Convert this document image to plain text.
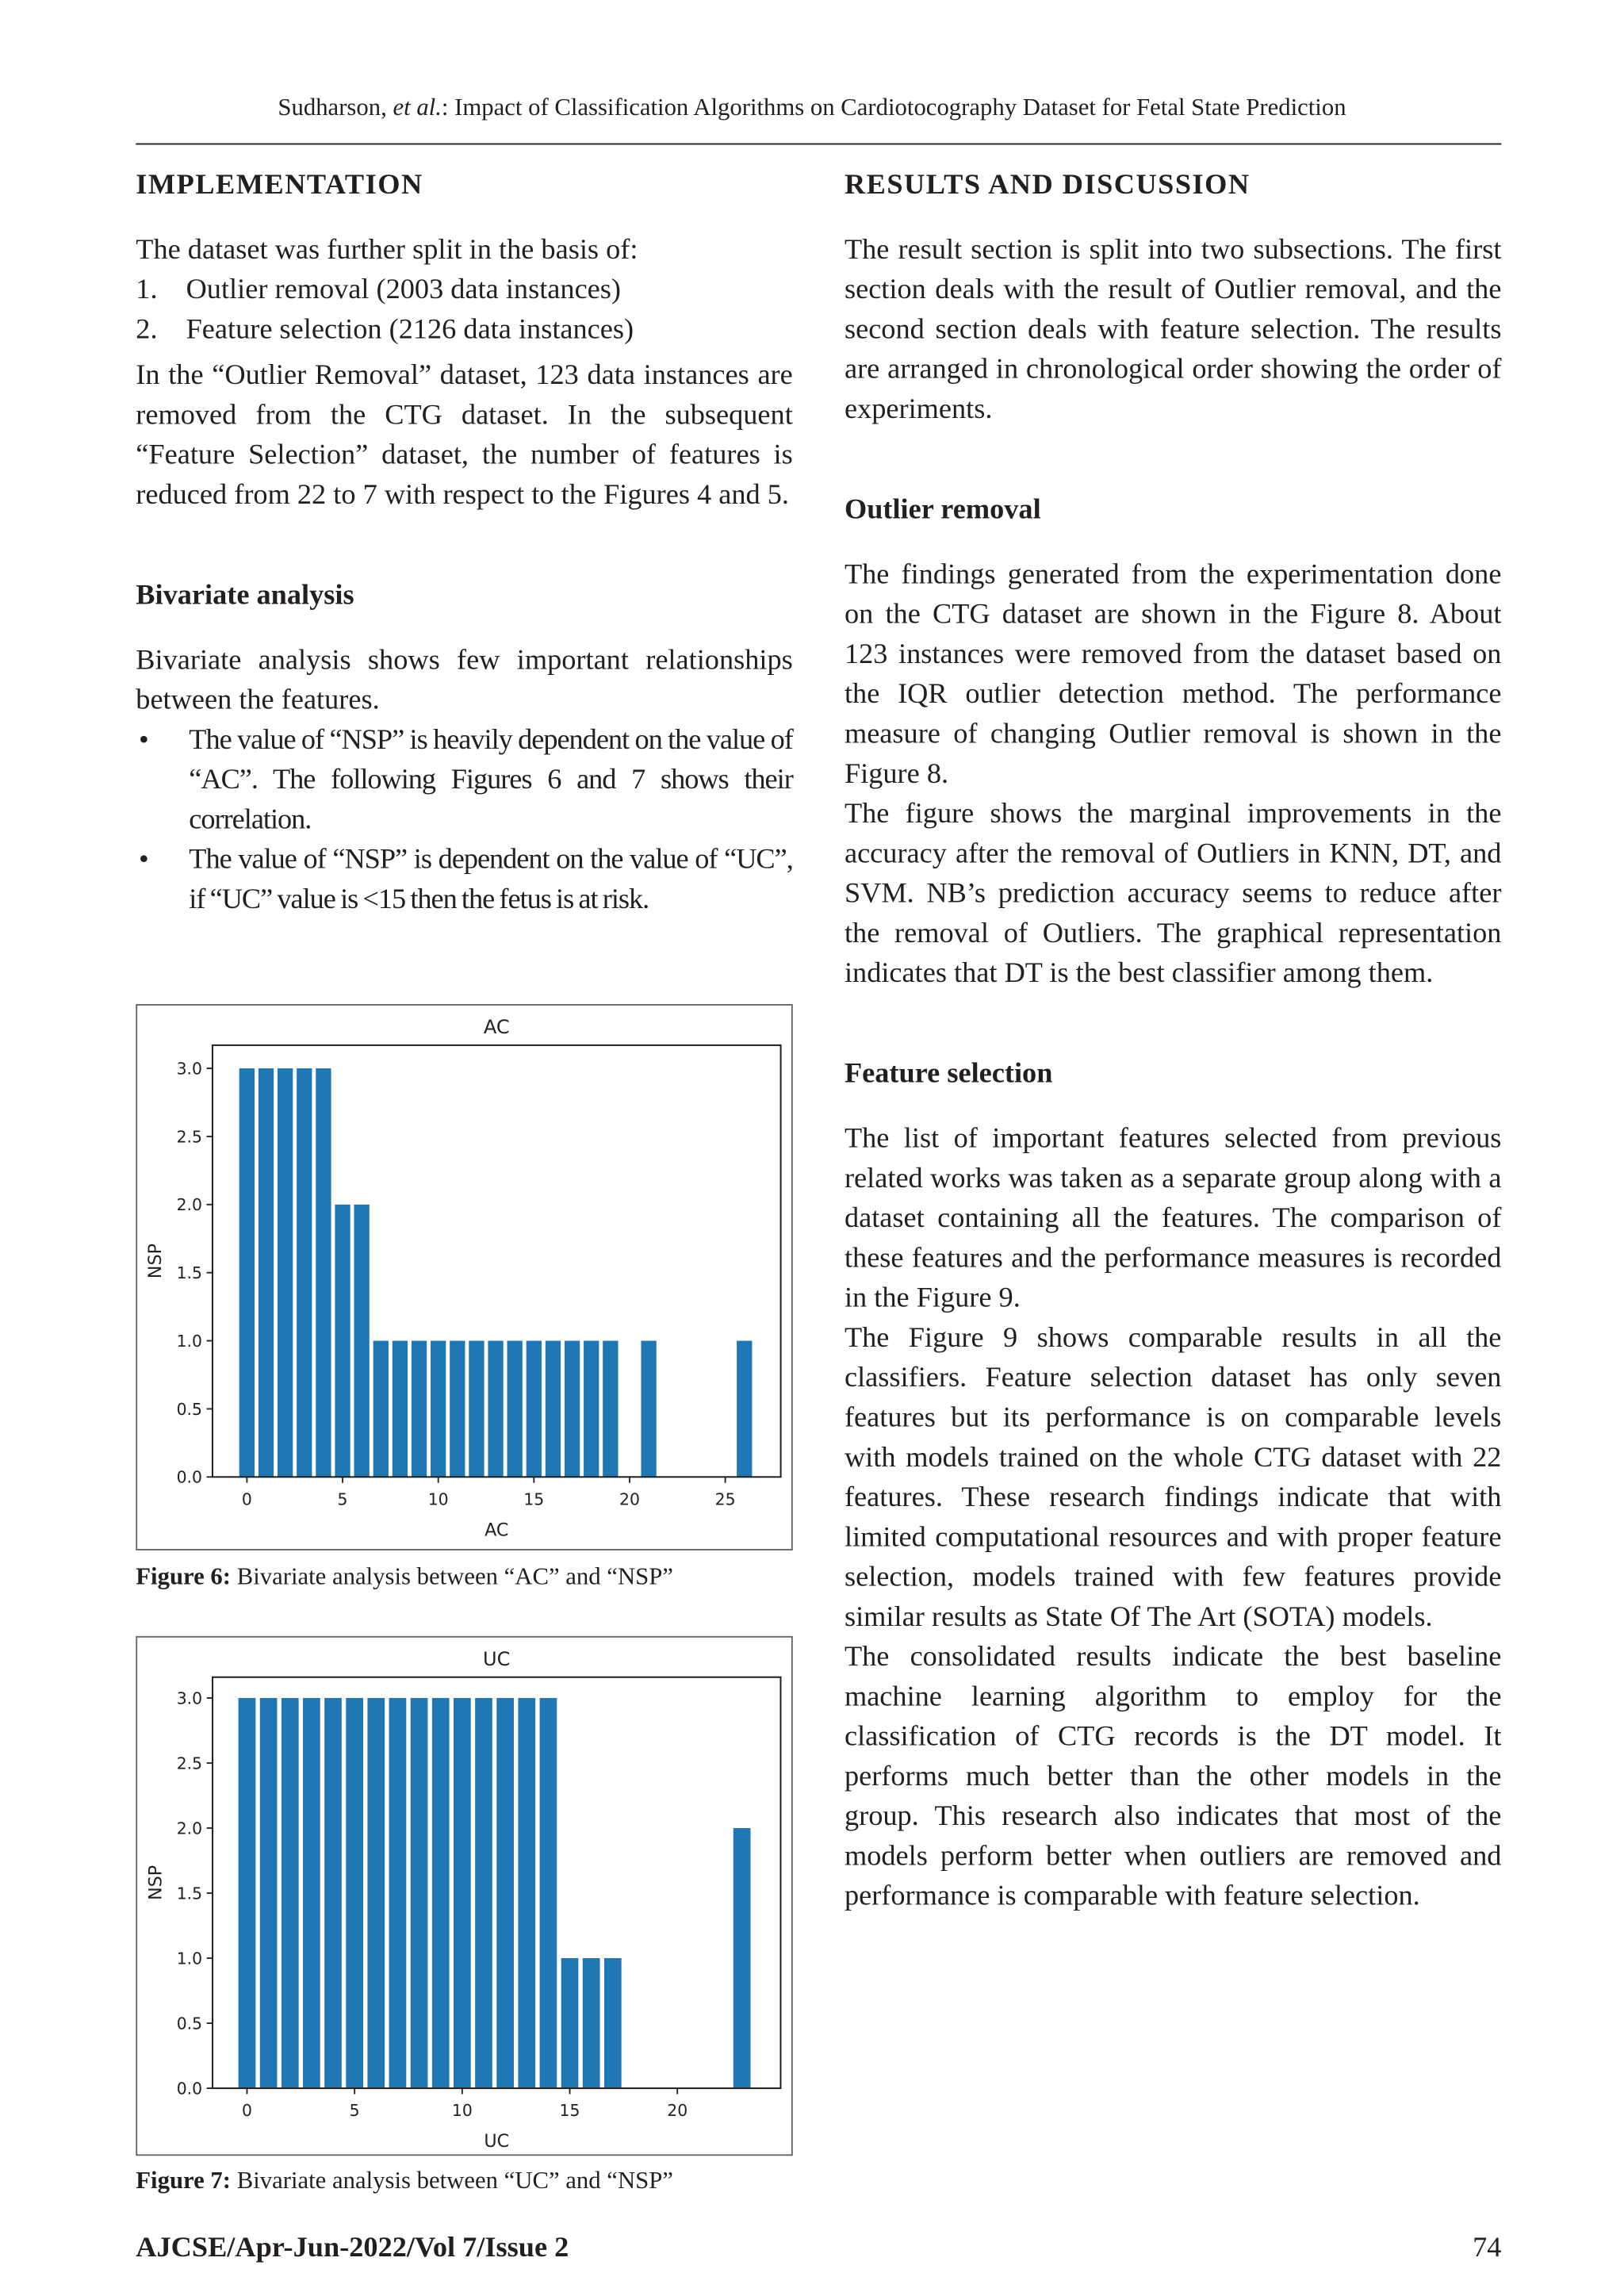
Sudharson, et al.: Impact of Classification Algorithms on Cardiotocography Dataset for Fetal State Prediction
IMPLEMENTATION

The dataset was further split in the basis of:

1.	Outlier removal (2003 data instances)
2.	Feature selection (2126 data instances)

In the “Outlier Removal” dataset, 123 data instances are removed from the CTG dataset. In the subsequent “Feature Selection” dataset, the number of features is reduced from 22 to 7 with respect to the Figures 4 and 5.

Bivariate analysis

Bivariate analysis shows few important relationships between the features.

•	The value of “NSP” is heavily dependent on the value of “AC”. The following Figures 6 and 7 shows their correlation.
•	The value of “NSP” is dependent on the value of “UC”, if “UC” value is <15 then the fetus is at risk.
0.0
0.5
1.0
1.5
2.0
2.5
3.0
0	5	10	15	20	25
AC
AC
NSP
Figure 6: Bivariate analysis between “AC” and “NSP”
0.0
0.5
1.0
1.5
2.0
2.5
3.0
0	5	10	15	20
UC
UC
NSP
Figure 7: Bivariate analysis between “UC” and “NSP”
RESULTS AND DISCUSSION

The result section is split into two subsections. The first section deals with the result of Outlier removal, and the second section deals with feature selection. The results are arranged in chronological order showing the order of experiments.

Outlier removal

The findings generated from the experimentation done on the CTG dataset are shown in the Figure 8. About 123 instances were removed from the dataset based on the IQR outlier detection method. The performance measure of changing Outlier removal is shown in the Figure 8.

The figure shows the marginal improvements in the accuracy after the removal of Outliers in KNN, DT, and SVM. NB’s prediction accuracy seems to reduce after the removal of Outliers. The graphical representation indicates that DT is the best classifier among them.

Feature selection

The list of important features selected from previous related works was taken as a separate group along with a dataset containing all the features. The comparison of these features and the performance measures is recorded in the Figure 9.

The Figure 9 shows comparable results in all the classifiers. Feature selection dataset has only seven features but its performance is on comparable levels with models trained on the whole CTG dataset with 22 features. These research findings indicate that with limited computational resources and with proper feature selection, models trained with few features provide similar results as State Of The Art (SOTA) models.

The consolidated results indicate the best baseline machine learning algorithm to employ for the classification of CTG records is the DT model. It performs much better than the other models in the group. This research also indicates that most of the models perform better when outliers are removed and performance is comparable with feature selection.

AJCSE/Apr-Jun-2022/Vol 7/Issue 2	74
